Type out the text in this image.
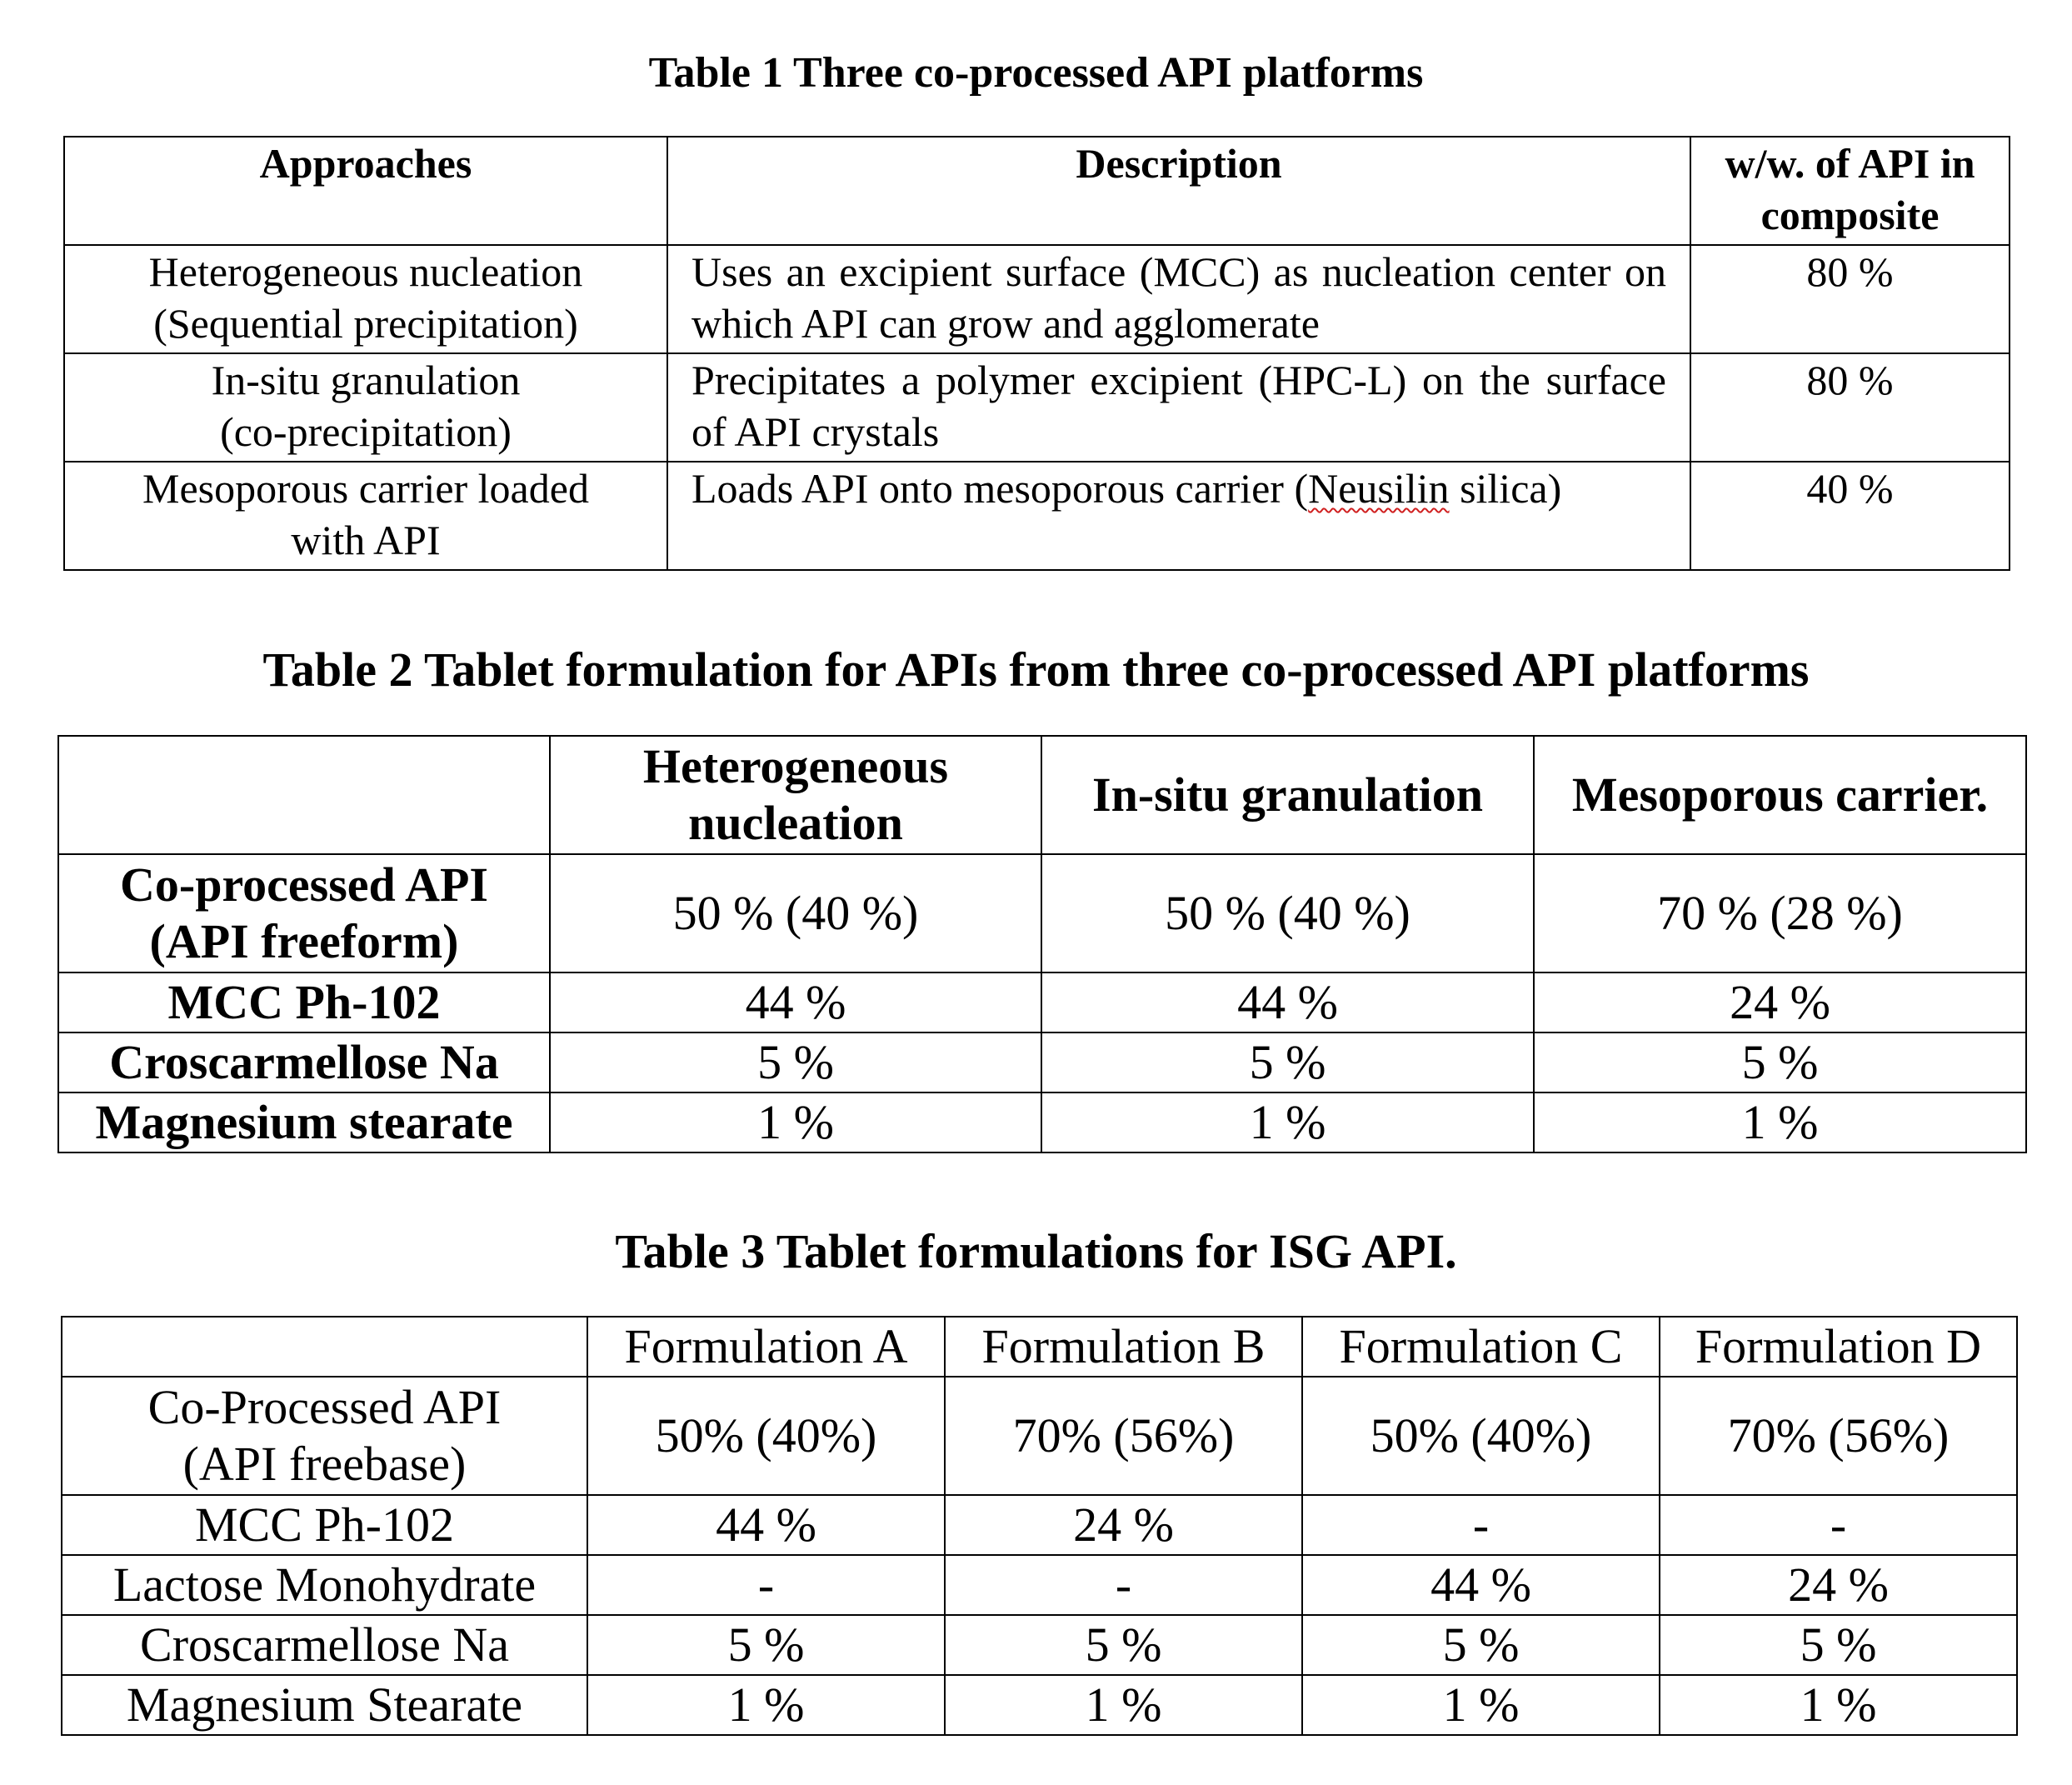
Table 1 Three co-processed API platforms
Approaches	Description	w/w. of API in composite

Heterogeneous nucleation
(Sequential precipitation)	Uses an excipient surface (MCC) as nucleation center on which API can grow and agglomerate	80 %

In-situ granulation
(co-precipitation)	Precipitates a polymer excipient (HPC-L) on the surface of API crystals	80 %

Mesoporous carrier loaded
with API	Loads API onto mesoporous carrier (Neusilin silica)	40 %
Table 2 Tablet formulation for APIs from three co-processed API platforms
	Heterogeneous nucleation	In-situ granulation	Mesoporous carrier.

Co-processed API
(API freeform)	50 % (40 %)	50 % (40 %)	70 % (28 %)
MCC Ph-102	44 %	44 %	24 %
Croscarmellose Na	5 %	5 %	5 %
Magnesium stearate	1 %	1 %	1 %
Table 3 Tablet formulations for ISG API.
	Formulation A	Formulation B	Formulation C	Formulation D

Co-Processed API
(API freebase)	50% (40%)	70% (56%)	50% (40%)	70% (56%)
MCC Ph-102	44 %	24 %	-	-
Lactose Monohydrate	-	-	44 %	24 %
Croscarmellose Na	5 %	5 %	5 %	5 %
Magnesium Stearate	1 %	1 %	1 %	1 %
